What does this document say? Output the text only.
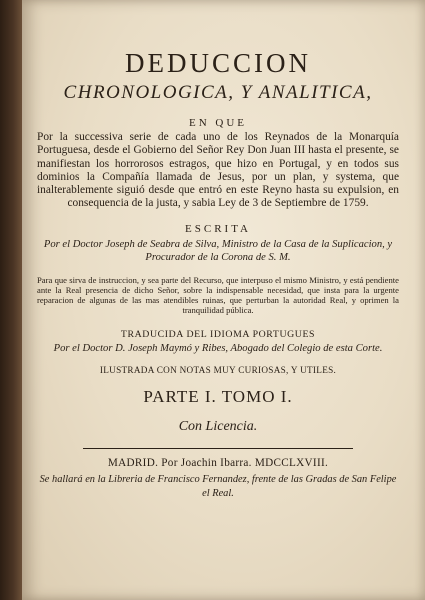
DEDUCCION
CHRONOLOGICA, Y ANALITICA,
EN QUE

Por la successiva serie de cada uno de los Reynados de la Monarquía Portuguesa, desde el Gobierno del Señor Rey Don Juan III hasta el presente, se manifiestan los horrorosos estragos, que hizo en Portugal, y en todos sus dominios la Compañía llamada de Jesus, por un plan, y systema, que inalterablemente siguió desde que entró en este Reyno hasta su expulsion, en consequencia de la justa, y sabia Ley de 3 de Septiembre de 1759.

ESCRITA

Por el Doctor Joseph de Seabra de Silva, Ministro de la Casa de la Suplicacion, y Procurador de la Corona de S. M.

Para que sirva de instruccion, y sea parte del Recurso, que interpuso el mismo Ministro, y está pendiente ante la Real presencia de dicho Señor, sobre la indispensable necesidad, que insta para la urgente reparacion de algunas de las mas atendibles ruinas, que perturban la autoridad Real, y oprimen la tranquilidad pública.

TRADUCIDA DEL IDIOMA PORTUGUES

Por el Doctor D. Joseph Maymó y Ribes, Abogado del Colegio de esta Corte.

ILUSTRADA CON NOTAS MUY CURIOSAS, Y UTILES.
PARTE I. TOMO I.
Con Licencia.
MADRID. Por Joachin Ibarra. MDCCLXVIII.

Se hallará en la Libreria de Francisco Fernandez, frente de las Gradas de San Felipe el Real.
